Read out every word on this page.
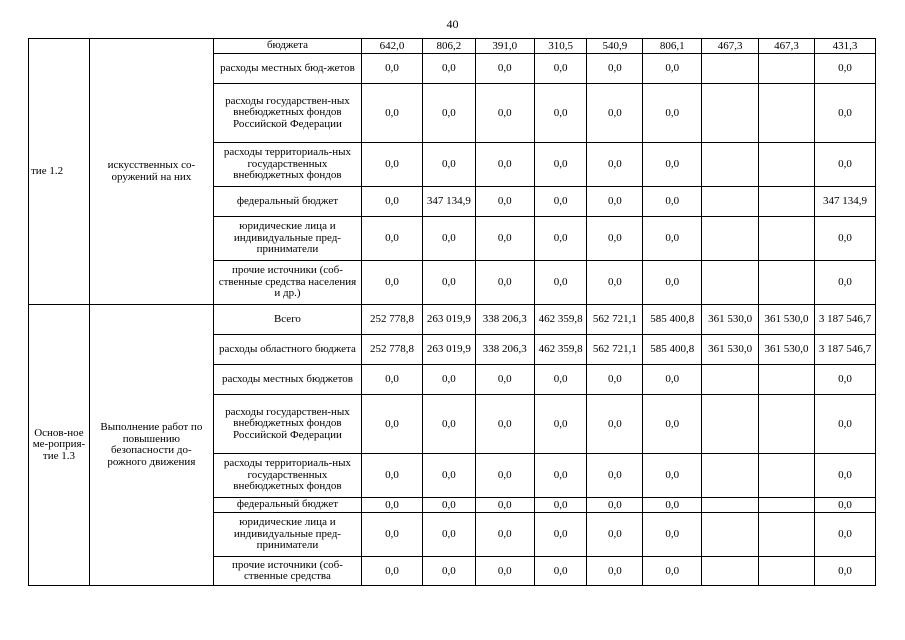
40
тие 1.2	искусственных со-оружений на них	бюджета	642,0	806,2	391,0	310,5	540,9	806,1	467,3	467,3	431,3

		расходы местных бюд-жетов	0,0	0,0	0,0	0,0	0,0	0,0			0,0

		расходы государствен-ных внебюджетных фондов Российской Федерации	0,0	0,0	0,0	0,0	0,0	0,0			0,0

		расходы территориаль-ных государственных внебюджетных фондов	0,0	0,0	0,0	0,0	0,0	0,0			0,0

		федеральный бюджет	0,0	347 134,9	0,0	0,0	0,0	0,0			347 134,9

		юридические лица и индивидуальные пред-приниматели	0,0	0,0	0,0	0,0	0,0	0,0			0,0

		прочие источники (соб-ственные средства населения и др.)	0,0	0,0	0,0	0,0	0,0	0,0			0,0

Основ-ное ме-роприя-тие 1.3	Выполнение работ по повышению безопасности до-рожного движения	Всего	252 778,8	263 019,9	338 206,3	462 359,8	562 721,1	585 400,8	361 530,0	361 530,0	3 187 546,7

		расходы областного бюджета	252 778,8	263 019,9	338 206,3	462 359,8	562 721,1	585 400,8	361 530,0	361 530,0	3 187 546,7

		расходы местных бюджетов	0,0	0,0	0,0	0,0	0,0	0,0			0,0

		расходы государствен-ных внебюджетных фондов Российской Федерации	0,0	0,0	0,0	0,0	0,0	0,0			0,0

		расходы территориаль-ных государственных внебюджетных фондов	0,0	0,0	0,0	0,0	0,0	0,0			0,0

		федеральный бюджет	0,0	0,0	0,0	0,0	0,0	0,0			0,0

		юридические лица и индивидуальные пред-приниматели	0,0	0,0	0,0	0,0	0,0	0,0			0,0

		прочие источники (соб-ственные средства	0,0	0,0	0,0	0,0	0,0	0,0			0,0
